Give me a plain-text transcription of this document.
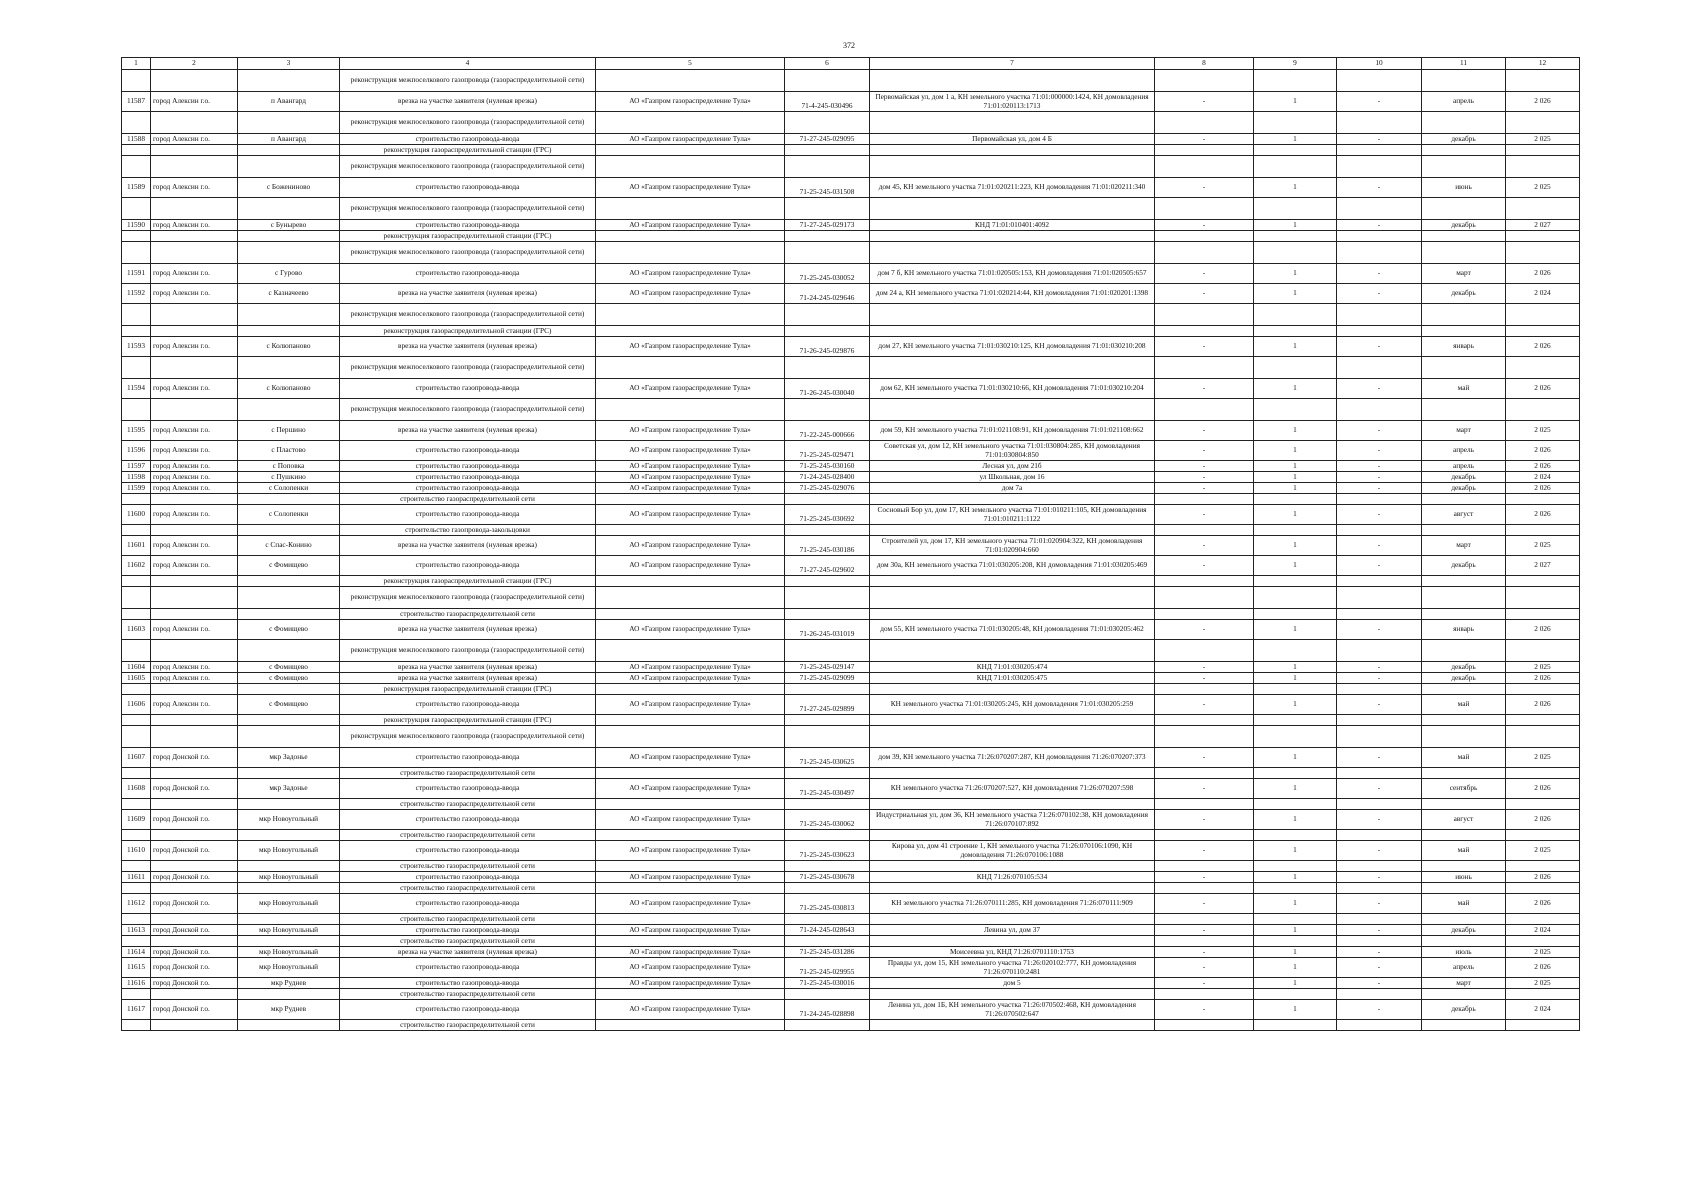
372
1	2	3	4	5	6	7	8	9	10	11	12
			реконструкция межпоселкового газопровода (газораспределительной сети)								
11587	город Алексин г.о.	п Авангард	врезка на участке заявителя (нулевая врезка)	АО «Газпром газораспределение Тула»	71-4-245-030496	Первомайская ул, дом 1 а, КН земельного участка 71:01:000000:1424, КН домовладения 71:01:020113:1713	-	1	-	апрель	2 026
			реконструкция межпоселкового газопровода (газораспределительной сети)								
11588	город Алексин г.о.	п Авангард	строительство газопровода-ввода	АО «Газпром газораспределение Тула»	71-27-245-029095	Первомайская ул, дом 4 Б	-	1	-	декабрь	2 025
			реконструкция газораспределительной станции (ГРС)								
			реконструкция межпоселкового газопровода (газораспределительной сети)								
11589	город Алексин г.о.	с Божениново	строительство газопровода-ввода	АО «Газпром газораспределение Тула»	71-25-245-031508	дом 45, КН земельного участка 71:01:020211:223, КН домовладения 71:01:020211:340	-	1	-	июнь	2 025
			реконструкция межпоселкового газопровода (газораспределительной сети)								
11590	город Алексин г.о.	с Бунырево	строительство газопровода-ввода	АО «Газпром газораспределение Тула»	71-27-245-029173	КНД 71:01:010401:4092	-	1	-	декабрь	2 027
			реконструкция газораспределительной станции (ГРС)								
			реконструкция межпоселкового газопровода (газораспределительной сети)								
11591	город Алексин г.о.	с Гурово	строительство газопровода-ввода	АО «Газпром газораспределение Тула»	71-25-245-030052	дом 7 б, КН земельного участка 71:01:020505:153, КН домовладения 71:01:020505:657	-	1	-	март	2 026
11592	город Алексин г.о.	с Казначеево	врезка на участке заявителя (нулевая врезка)	АО «Газпром газораспределение Тула»	71-24-245-029646	дом 24 а, КН земельного участка 71:01:020214:44, КН домовладения 71:01:020201:1398	-	1	-	декабрь	2 024
			реконструкция межпоселкового газопровода (газораспределительной сети)								
			реконструкция газораспределительной станции (ГРС)								
11593	город Алексин г.о.	с Колюпаново	врезка на участке заявителя (нулевая врезка)	АО «Газпром газораспределение Тула»	71-26-245-029876	дом 27, КН земельного участка 71:01:030210:125, КН домовладения 71:01:030210:208	-	1	-	январь	2 026
			реконструкция межпоселкового газопровода (газораспределительной сети)								
11594	город Алексин г.о.	с Колюпаново	строительство газопровода-ввода	АО «Газпром газораспределение Тула»	71-26-245-030040	дом 62, КН земельного участка 71:01:030210:66, КН домовладения 71:01:030210:204	-	1	-	май	2 026
			реконструкция межпоселкового газопровода (газораспределительной сети)								
11595	город Алексин г.о.	с Першино	врезка на участке заявителя (нулевая врезка)	АО «Газпром газораспределение Тула»	71-22-245-000666	дом 59, КН земельного участка 71:01:021108:91, КН домовладения 71:01:021108:662	-	1	-	март	2 025
11596	город Алексин г.о.	с Пластово	строительство газопровода-ввода	АО «Газпром газораспределение Тула»	71-25-245-029471	Советская ул, дом 12, КН земельного участка 71:01:030804:285, КН домовладения 71:01:030804:850	-	1	-	апрель	2 026
11597	город Алексин г.о.	с Поповка	строительство газопровода-ввода	АО «Газпром газораспределение Тула»	71-25-245-030160	Лесная ул, дом 21б	-	1	-	апрель	2 026
11598	город Алексин г.о.	с Пушкино	строительство газопровода-ввода	АО «Газпром газораспределение Тула»	71-24-245-028400	ул Школьная, дом 16	-	1	-	декабрь	2 024
11599	город Алексин г.о.	с Солопенки	строительство газопровода-ввода	АО «Газпром газораспределение Тула»	71-25-245-029076	дом 7а	-	1	-	декабрь	2 026
			строительство газораспределительной сети								
11600	город Алексин г.о.	с Солопенки	строительство газопровода-ввода	АО «Газпром газораспределение Тула»	71-25-245-030692	Сосновый Бор ул, дом 17, КН земельного участка 71:01:010211:105, КН домовладения 71:01:010211:1122	-	1	-	август	2 026
			строительство газопровода-закольцовки								
11601	город Алексин г.о.	с Спас-Конино	врезка на участке заявителя (нулевая врезка)	АО «Газпром газораспределение Тула»	71-25-245-030186	Строителей ул, дом 17, КН земельного участка 71:01:020904:322, КН домовладения 71:01:020904:660	-	1	-	март	2 025
11602	город Алексин г.о.	с Фомищево	строительство газопровода-ввода	АО «Газпром газораспределение Тула»	71-27-245-029602	дом 30а, КН земельного участка 71:01:030205:208, КН домовладения 71:01:030205:469	-	1	-	декабрь	2 027
			реконструкция газораспределительной станции (ГРС)								
			реконструкция межпоселкового газопровода (газораспределительной сети)								
			строительство газораспределительной сети								
11603	город Алексин г.о.	с Фомищево	врезка на участке заявителя (нулевая врезка)	АО «Газпром газораспределение Тула»	71-26-245-031019	дом 55, КН земельного участка 71:01:030205:48, КН домовладения 71:01:030205:462	-	1	-	январь	2 026
			реконструкция межпоселкового газопровода (газораспределительной сети)								
11604	город Алексин г.о.	с Фомищево	врезка на участке заявителя (нулевая врезка)	АО «Газпром газораспределение Тула»	71-25-245-029147	КНД 71:01:030205:474	-	1	-	декабрь	2 025
11605	город Алексин г.о.	с Фомищево	врезка на участке заявителя (нулевая врезка)	АО «Газпром газораспределение Тула»	71-25-245-029099	КНД 71:01:030205:475	-	1	-	декабрь	2 026
			реконструкция газораспределительной станции (ГРС)								
11606	город Алексин г.о.	с Фомищево	строительство газопровода-ввода	АО «Газпром газораспределение Тула»	71-27-245-029899	КН земельного участка 71:01:030205:245, КН домовладения 71:01:030205:259	-	1	-	май	2 026
			реконструкция газораспределительной станции (ГРС)								
			реконструкция межпоселкового газопровода (газораспределительной сети)								
11607	город Донской г.о.	мкр Задонье	строительство газопровода-ввода	АО «Газпром газораспределение Тула»	71-25-245-030625	дом 39, КН земельного участка 71:26:070207:287, КН домовладения 71:26:070207:373	-	1	-	май	2 025
			строительство газораспределительной сети								
11608	город Донской г.о.	мкр Задонье	строительство газопровода-ввода	АО «Газпром газораспределение Тула»	71-25-245-030497	КН земельного участка 71:26:070207:527, КН домовладения 71:26:070207:598	-	1	-	сентябрь	2 026
			строительство газораспределительной сети								
11609	город Донской г.о.	мкр Новоугольный	строительство газопровода-ввода	АО «Газпром газораспределение Тула»	71-25-245-030062	Индустриальная ул, дом 36, КН земельного участка 71:26:070102:38, КН домовладения 71:26:070107:892	-	1	-	август	2 026
			строительство газораспределительной сети								
11610	город Донской г.о.	мкр Новоугольный	строительство газопровода-ввода	АО «Газпром газораспределение Тула»	71-25-245-030623	Кирова ул, дом 41 строение 1, КН земельного участка 71:26:070106:1090, КН домовладения 71:26:070106:1088	-	1	-	май	2 025
			строительство газораспределительной сети								
11611	город Донской г.о.	мкр Новоугольный	строительство газопровода-ввода	АО «Газпром газораспределение Тула»	71-25-245-030678	КНД 71:26:070105:534	-	1	-	июнь	2 026
			строительство газораспределительной сети								
11612	город Донской г.о.	мкр Новоугольный	строительство газопровода-ввода	АО «Газпром газораспределение Тула»	71-25-245-030813	КН земельного участка 71:26:070111:285, КН домовладения 71:26:070111:909	-	1	-	май	2 026
			строительство газораспределительной сети								
11613	город Донской г.о.	мкр Новоугольный	строительство газопровода-ввода	АО «Газпром газораспределение Тула»	71-24-245-028643	Левина ул, дом 37	-	1	-	декабрь	2 024
			строительство газораспределительной сети								
11614	город Донской г.о.	мкр Новоугольный	врезка на участке заявителя (нулевая врезка)	АО «Газпром газораспределение Тула»	71-25-245-031286	Моисеевна ул, КНД 71:26:0701110:1753	-	1	-	июль	2 025
11615	город Донской г.о.	мкр Новоугольный	строительство газопровода-ввода	АО «Газпром газораспределение Тула»	71-25-245-029955	Правды ул, дом 15, КН земельного участка 71:26:020102:777, КН домовладения 71:26:070110:2481	-	1	-	апрель	2 026
11616	город Донской г.о.	мкр Руднев	строительство газопровода-ввода	АО «Газпром газораспределение Тула»	71-25-245-030016	дом 5	-	1	-	март	2 025
			строительство газораспределительной сети								
11617	город Донской г.о.	мкр Руднев	строительство газопровода-ввода	АО «Газпром газораспределение Тула»	71-24-245-028898	Ленина ул, дом 1Б, КН земельного участка 71:26:070502:468, КН домовладения 71:26:070502:647	-	1	-	декабрь	2 024
			строительство газораспределительной сети								
